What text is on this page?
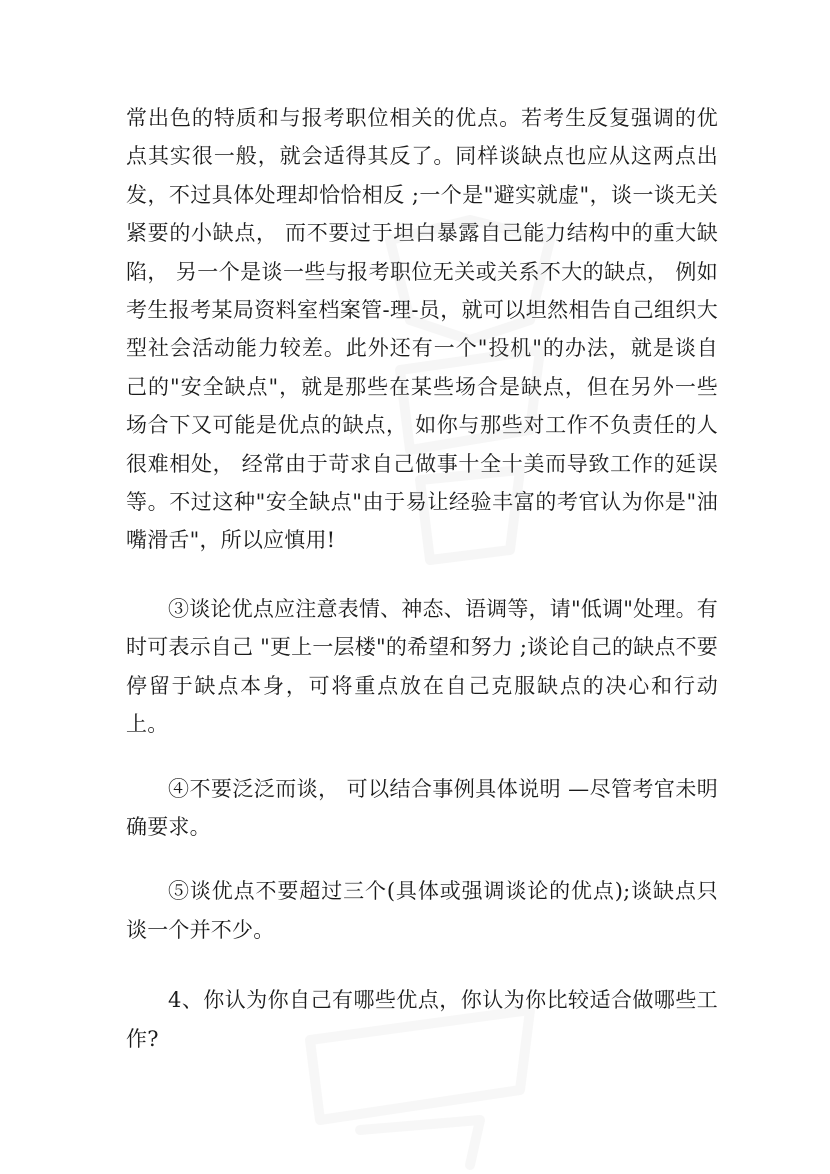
常出色的特质和与报考职位相关的优点。若考生反复强调的优点其实很一般，就会适得其反了。同样谈缺点也应从这两点出发，不过具体处理却恰恰相反 ;一个是"避实就虚"，谈一谈无关紧要的小缺点， 而不要过于坦白暴露自己能力结构中的重大缺陷， 另一个是谈一些与报考职位无关或关系不大的缺点， 例如考生报考某局资料室档案管-理-员，就可以坦然相告自己组织大型社会活动能力较差。此外还有一个"投机"的办法，就是谈自己的"安全缺点"，就是那些在某些场合是缺点，但在另外一些场合下又可能是优点的缺点， 如你与那些对工作不负责任的人很难相处， 经常由于苛求自己做事十全十美而导致工作的延误等。不过这种"安全缺点"由于易让经验丰富的考官认为你是"油嘴滑舌"，所以应慎用!

③谈论优点应注意表情、神态、语调等，请"低调"处理。有时可表示自己 "更上一层楼"的希望和努力 ;谈论自己的缺点不要停留于缺点本身，可将重点放在自己克服缺点的决心和行动上。

④不要泛泛而谈， 可以结合事例具体说明 —尽管考官未明确要求。

⑤谈优点不要超过三个(具体或强调谈论的优点);谈缺点只谈一个并不少。

4、你认为你自己有哪些优点，你认为你比较适合做哪些工作?
